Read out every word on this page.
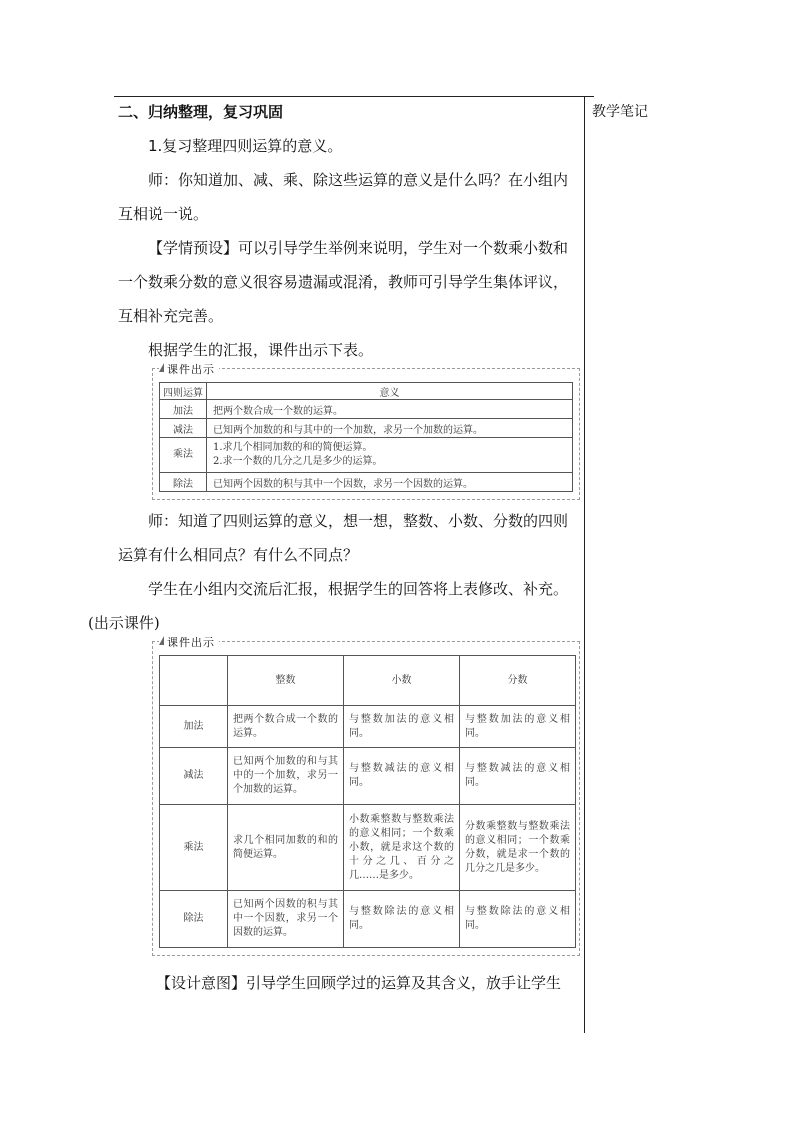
教学笔记
二、归纳整理，复习巩固

1.复习整理四则运算的意义。

师：你知道加、减、乘、除这些运算的意义是什么吗？在小组内互相说一说。

【学情预设】可以引导学生举例来说明，学生对一个数乘小数和一个数乘分数的意义很容易遗漏或混淆，教师可引导学生集体评议，互相补充完善。

根据学生的汇报，课件出示下表。

课件出示
四则运算	意义
加法	把两个数合成一个数的运算。
减法	已知两个加数的和与其中的一个加数，求另一个加数的运算。
乘法	1.求几个相同加数的和的简便运算。
2.求一个数的几分之几是多少的运算。

除法	已知两个因数的积与其中一个因数，求另一个因数的运算。

师：知道了四则运算的意义，想一想，整数、小数、分数的四则运算有什么相同点？有什么不同点？

学生在小组内交流后汇报，根据学生的回答将上表修改、补充。
(出示课件)

课件出示
	整数	小数	分数
加法	把两个数合成一个数的运算。	与整数加法的意义相同。	与整数加法的意义相同。
减法	已知两个加数的和与其中的一个加数，求另一个加数的运算。	与整数减法的意义相同。	与整数减法的意义相同。
乘法	求几个相同加数的和的简便运算。	小数乘整数与整数乘法的意义相同；一个数乘小数，就是求这个数的十分之几、百分之几……是多少。	分数乘整数与整数乘法的意义相同；一个数乘分数，就是求一个数的几分之几是多少。
除法	已知两个因数的积与其中一个因数，求另一个因数的运算。	与整数除法的意义相同。	与整数除法的意义相同。

【设计意图】引导学生回顾学过的运算及其含义，放手让学生
